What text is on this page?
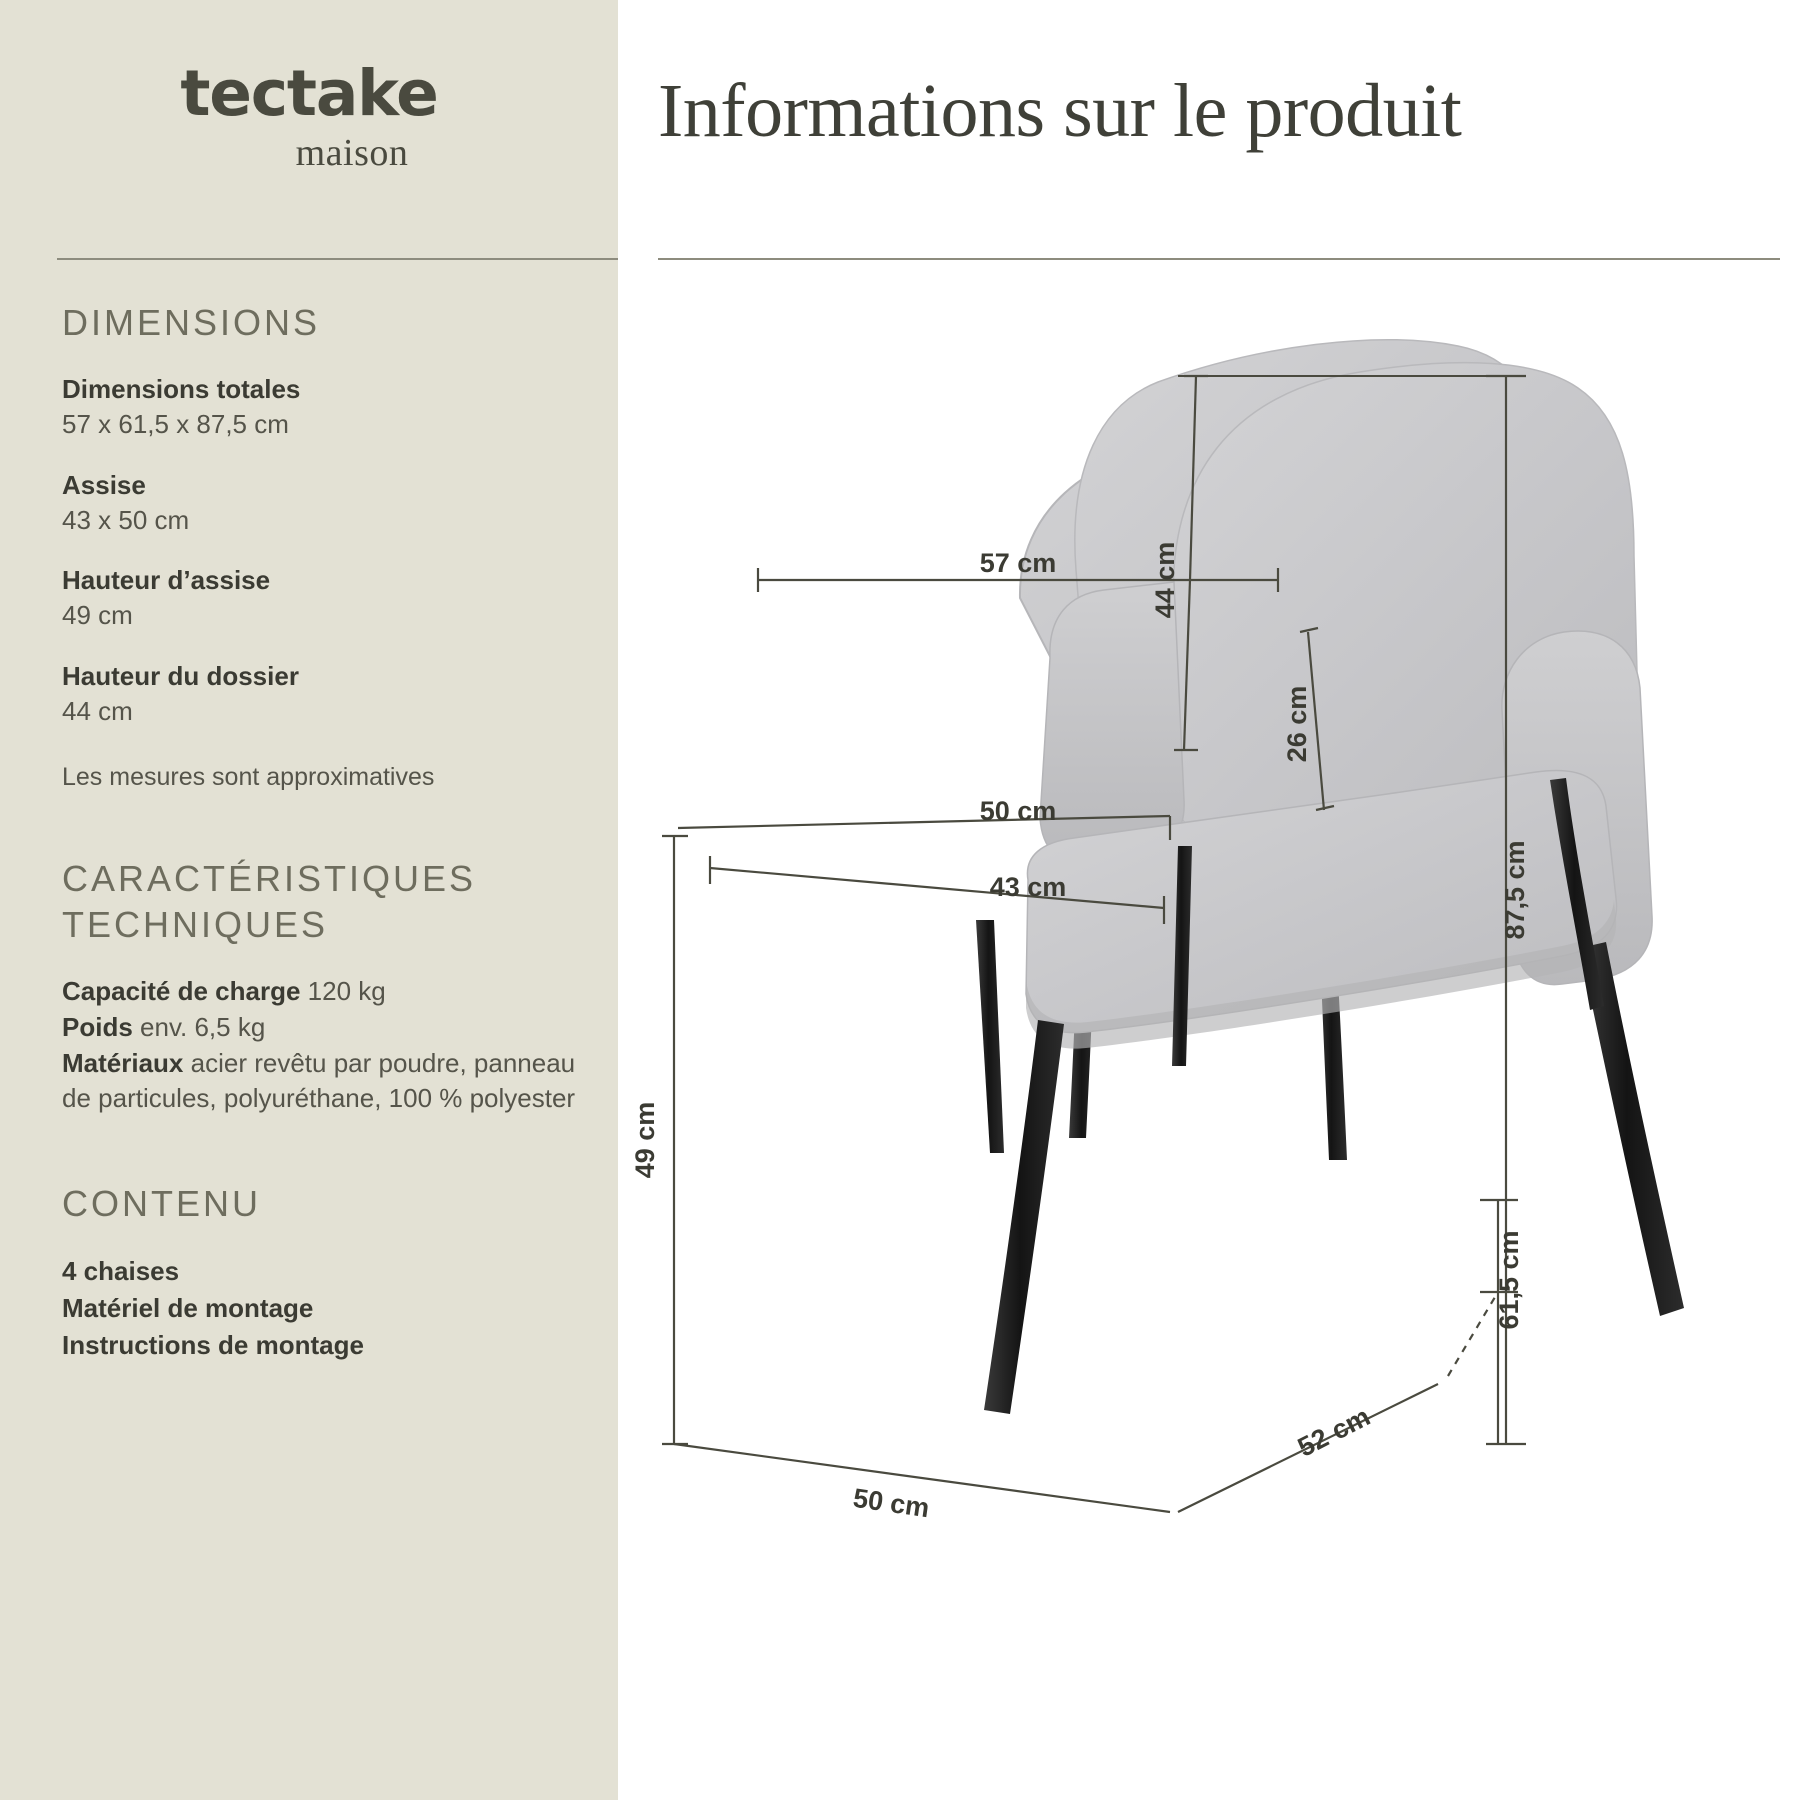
tectake
maison
DIMENSIONS
Dimensions totales
57 x 61,5 x 87,5 cm
Assise
43 x 50 cm
Hauteur d’assise
49 cm
Hauteur du dossier
44 cm
Les mesures sont approximatives
CARACTÉRISTIQUES
TECHNIQUES
Capacité de charge 120 kg
Poids env. 6,5 kg
Matériaux acier revêtu par poudre, panneau de particules, polyuréthane, 100 % polyester
CONTENU
4 chaises
Matériel de montage
Instructions de montage
Informations sur le produit
44 cm
57 cm
26 cm
50 cm
43 cm
49 cm
87,5 cm
61,5 cm
52 cm
50 cm
